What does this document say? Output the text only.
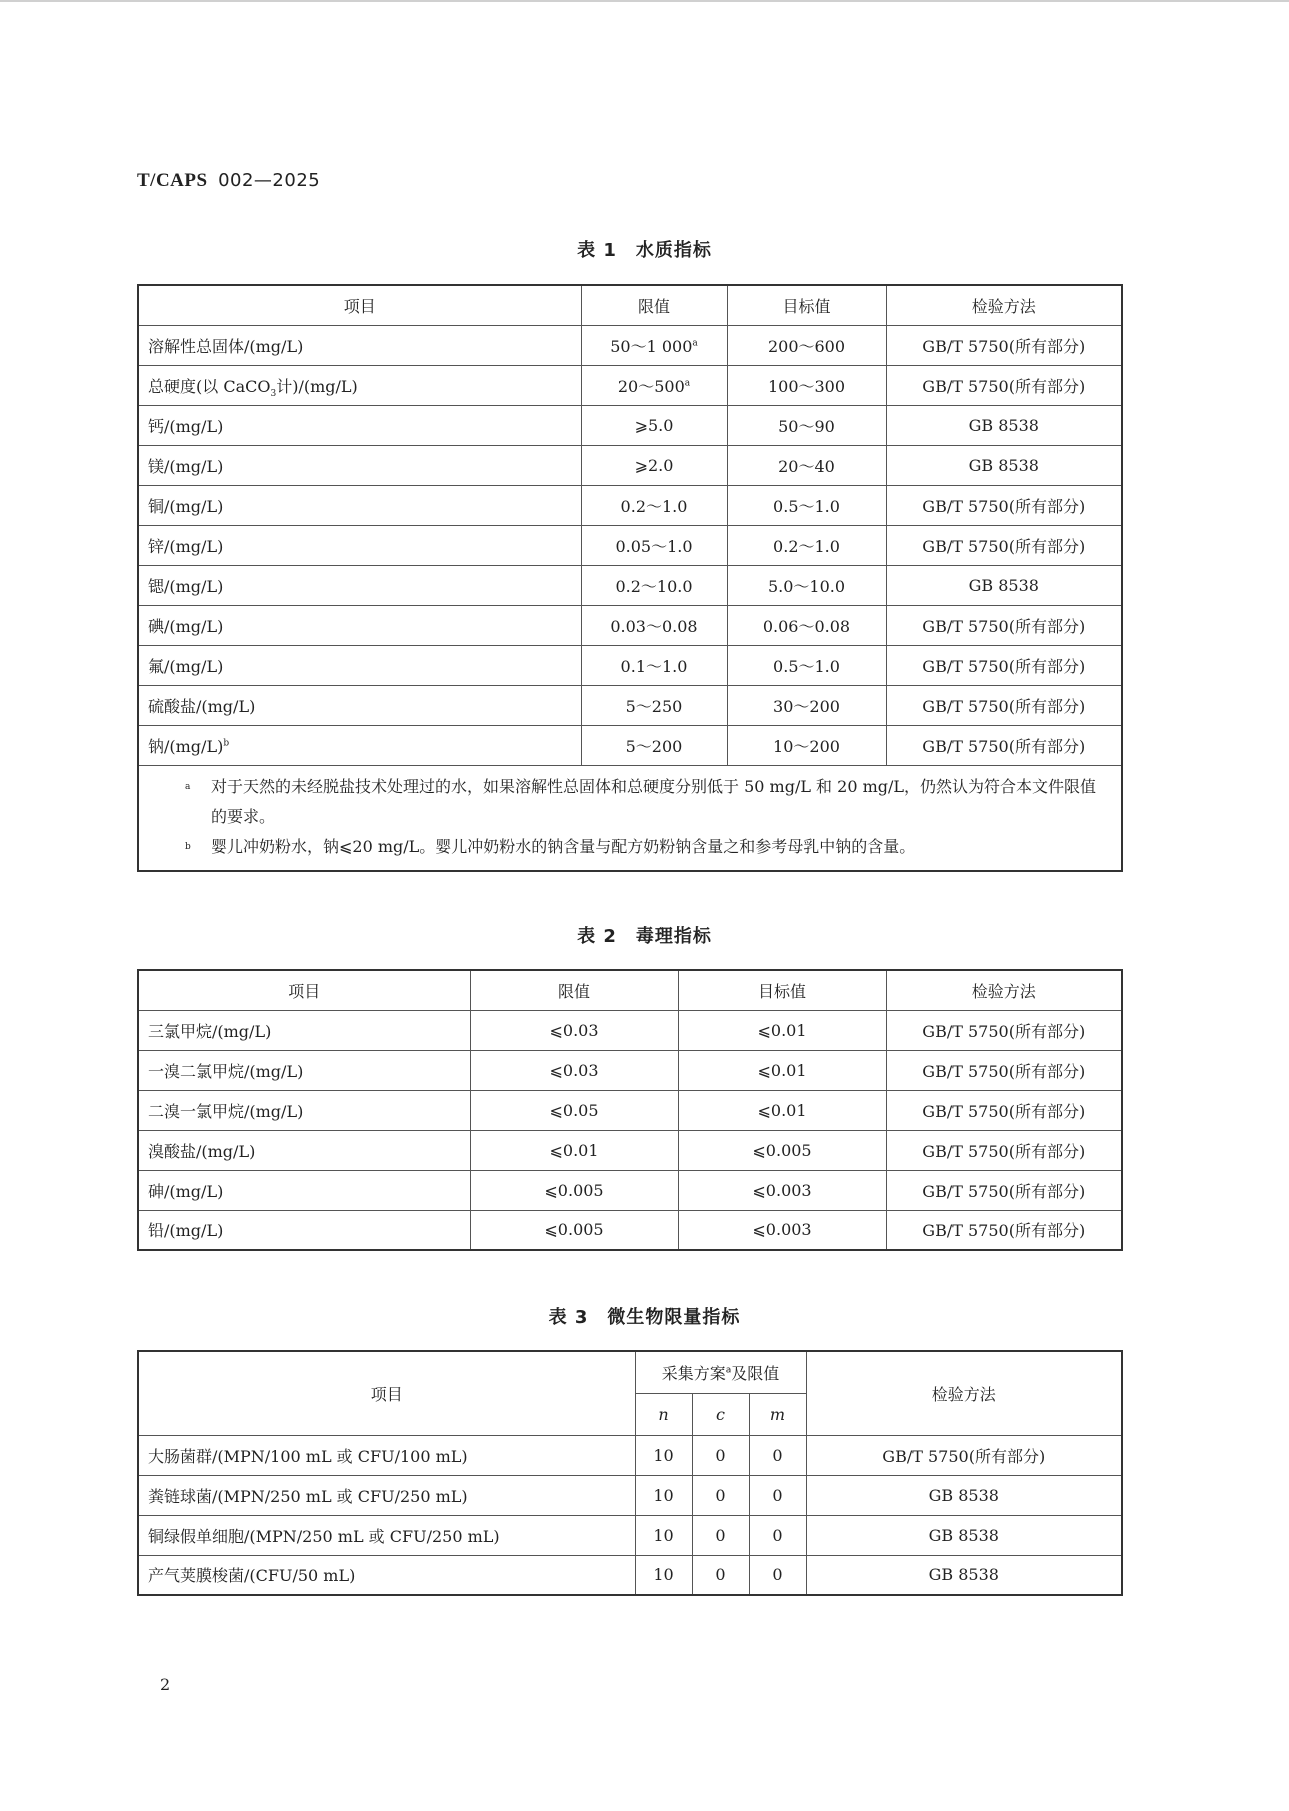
T/CAPS 002—2025
表 1　水质指标
项目	限值	目标值	检验方法
溶解性总固体/(mg/L)	50～1 000$^a$	200～600	GB/T 5750(所有部分)
总硬度(以 CaCO$_3$计)/(mg/L)	20～500$^a$	100～300	GB/T 5750(所有部分)
钙/(mg/L)	⩾5.0	50～90	GB 8538
镁/(mg/L)	⩾2.0	20～40	GB 8538
铜/(mg/L)	0.2～1.0	0.5～1.0	GB/T 5750(所有部分)
锌/(mg/L)	0.05～1.0	0.2～1.0	GB/T 5750(所有部分)
锶/(mg/L)	0.2～10.0	5.0～10.0	GB 8538
碘/(mg/L)	0.03～0.08	0.06～0.08	GB/T 5750(所有部分)
氟/(mg/L)	0.1～1.0	0.5～1.0	GB/T 5750(所有部分)
硫酸盐/(mg/L)	5～250	30～200	GB/T 5750(所有部分)
钠$/(mg/L)^b$	5～200	10～200	GB/T 5750(所有部分)

a 对于天然的未经脱盐技术处理过的水，如果溶解性总固体和总硬度分别低于 50 mg/L 和 20 mg/L，仍然认为符合本文件限值的要求。
b 婴儿冲奶粉水，钠⩽20 mg/L。婴儿冲奶粉水的钠含量与配方奶粉钠含量之和参考母乳中钠的含量。			
表 2　毒理指标
项目	限值	目标值	检验方法
三氯甲烷/(mg/L)	⩽0.03	⩽0.01	GB/T 5750(所有部分)
一溴二氯甲烷/(mg/L)	⩽0.03	⩽0.01	GB/T 5750(所有部分)
二溴一氯甲烷/(mg/L)	⩽0.05	⩽0.01	GB/T 5750(所有部分)
溴酸盐/(mg/L)	⩽0.01	⩽0.005	GB/T 5750(所有部分)
砷/(mg/L)	⩽0.005	⩽0.003	GB/T 5750(所有部分)
铅/(mg/L)	⩽0.005	⩽0.003	GB/T 5750(所有部分)
表 3　微生物限量指标
项目	采集方案$^a$及限值			检验方法
	n	c	m	
大肠菌群/(MPN/100 mL 或 CFU/100 mL)	10	0	0	GB/T 5750(所有部分)
粪链球菌/(MPN/250 mL 或 CFU/250 mL)	10	0	0	GB 8538
铜绿假单细胞/(MPN/250 mL 或 CFU/250 mL)	10	0	0	GB 8538
产气荚膜梭菌/(CFU/50 mL)	10	0	0	GB 8538
2
